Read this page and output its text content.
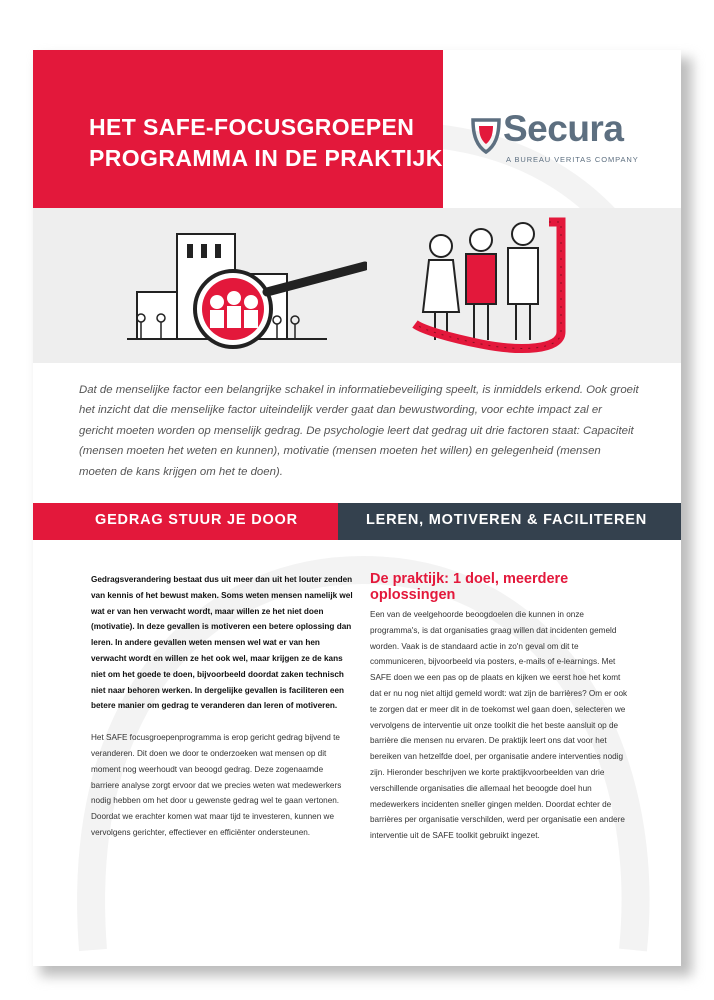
HET SAFE-FOCUSGROEPEN
PROGRAMMA IN DE PRAKTIJK
Secura
A BUREAU VERITAS COMPANY

Dat de menselijke factor een belangrijke schakel in informatiebeveiliging speelt, is inmiddels erkend. Ook groeit het inzicht dat die menselijke factor uiteindelijk verder gaat dan bewustwording, voor echte impact zal er gericht moeten worden op menselijk gedrag. De psychologie leert dat gedrag uit drie factoren staat: Capaciteit (mensen moeten het weten en kunnen), motivatie (mensen moeten het willen) en gelegenheid (mensen moeten de kans krijgen om het te doen).

GEDRAG STUUR JE DOOR	LEREN, MOTIVEREN & FACILITEREN

Gedragsverandering bestaat dus uit meer dan uit het louter zenden van kennis of het bewust maken. Soms weten mensen namelijk wel wat er van hen verwacht wordt, maar willen ze het niet doen (motivatie). In deze gevallen is motiveren een betere oplossing dan leren. In andere gevallen weten mensen wel wat er van hen verwacht wordt en willen ze het ook wel, maar krijgen ze de kans niet om het goede te doen, bijvoorbeeld doordat zaken technisch niet naar behoren werken. In dergelijke gevallen is faciliteren een betere manier om gedrag te veranderen dan leren of motiveren.

Het SAFE focusgroepenprogramma is erop gericht gedrag bijvend te veranderen. Dit doen we door te onderzoeken wat mensen op dit moment nog weerhoudt van beoogd gedrag. Deze zogenaamde barriere analyse zorgt ervoor dat we precies weten wat medewerkers nodig hebben om het door u gewenste gedrag wel te gaan vertonen. Doordat we erachter komen wat maar tijd te investeren, kunnen we vervolgens gerichter, effectiever en efficiënter ondersteunen.

De praktijk: 1 doel, meerdere oplossingen

Een van de veelgehoorde beoogdoelen die kunnen in onze programma's, is dat organisaties graag willen dat incidenten gemeld worden. Vaak is de standaard actie in zo'n geval om dit te communiceren, bijvoorbeeld via posters, e-mails of e-learnings. Met SAFE doen we een pas op de plaats en kijken we eerst hoe het komt dat er nu nog niet altijd gemeld wordt: wat zijn de barrières? Om er ook te zorgen dat er meer dit in de toekomst wel gaan doen, selecteren we vervolgens de interventie uit onze toolkit die het beste aansluit op de barrière die mensen nu ervaren. De praktijk leert ons dat voor het bereiken van hetzelfde doel, per organisatie andere interventies nodig zijn. Hieronder beschrijven we korte praktijkvoorbeelden van drie verschillende organisaties die allemaal het beoogde doel hun medewerkers incidenten sneller gingen melden. Doordat echter de barrières per organisatie verschilden, werd per organisatie een andere interventie uit de SAFE toolkit gebruikt ingezet.
